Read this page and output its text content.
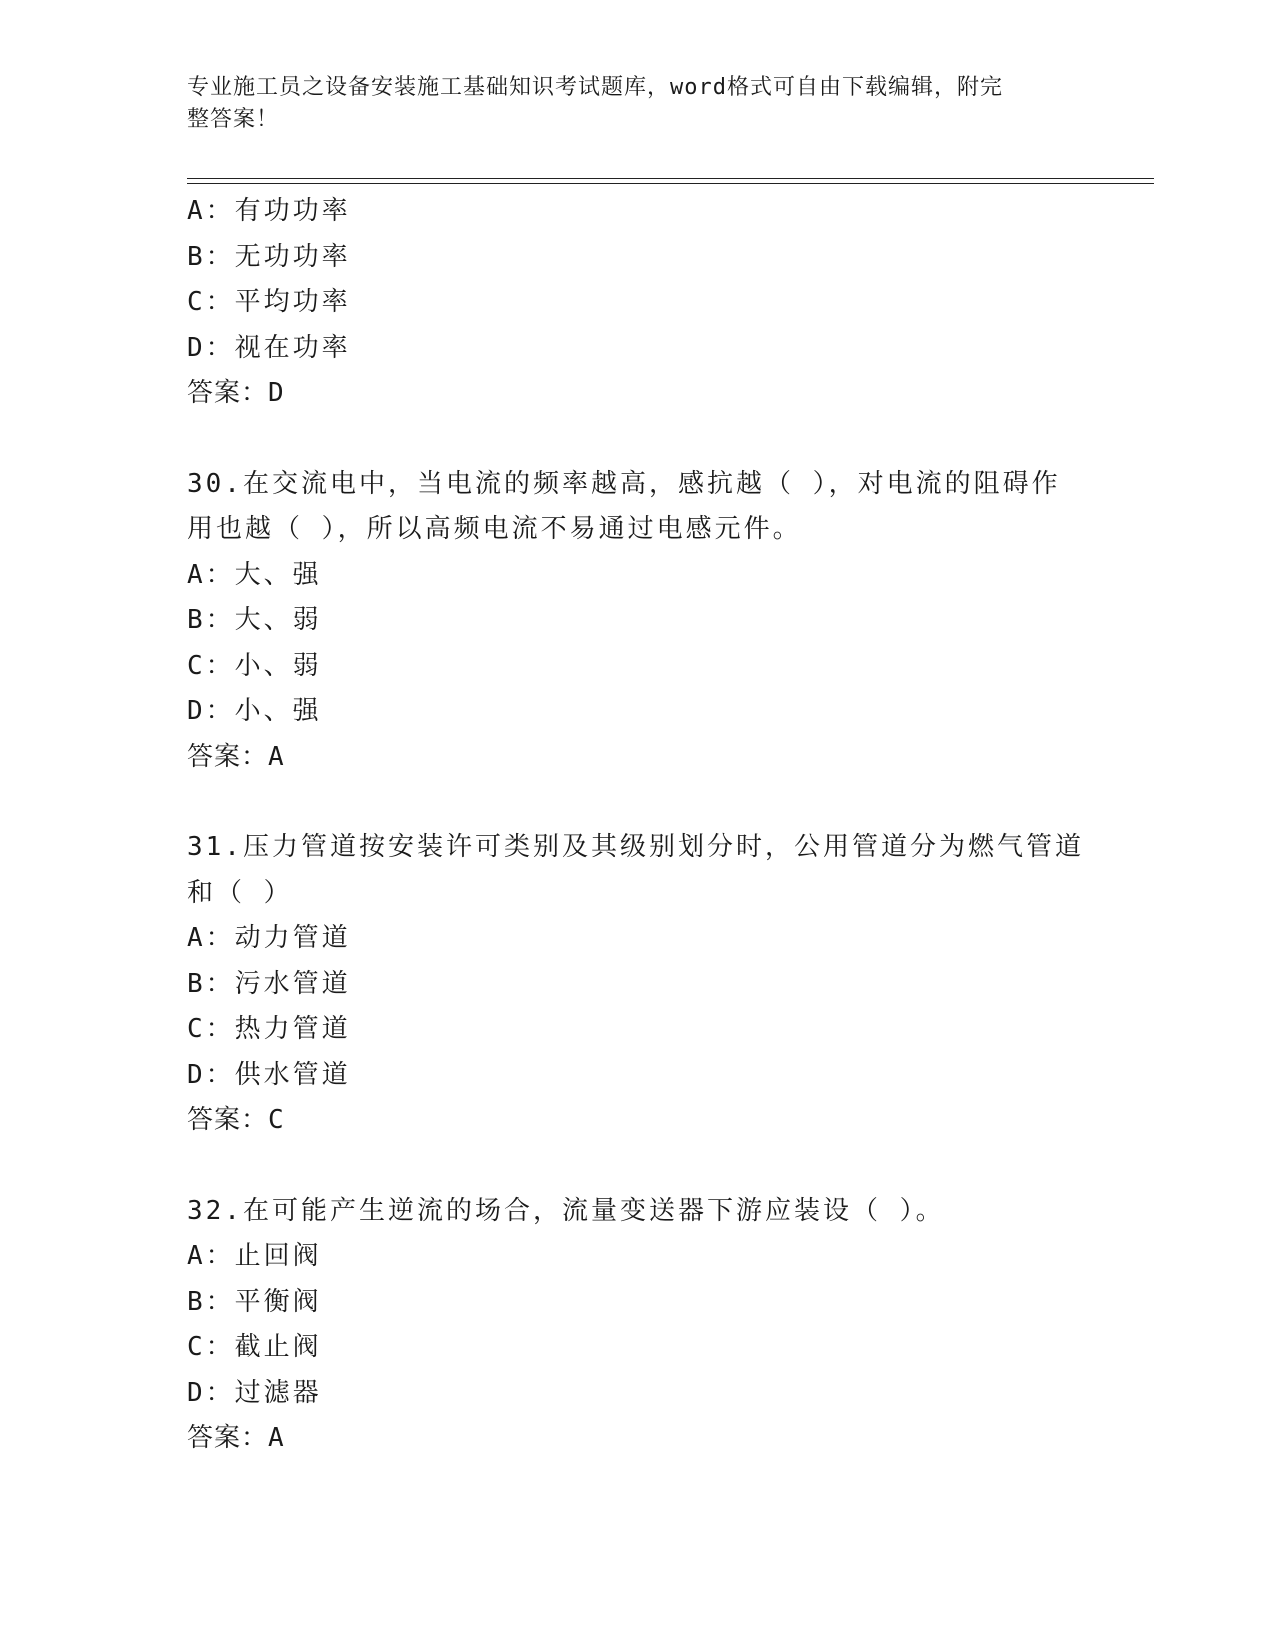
专业施工员之设备安装施工基础知识考试题库，word格式可自由下载编辑，附完
整答案！
A：有功功率
B：无功功率
C：平均功率
D：视在功率
答案：D
30.在交流电中，当电流的频率越高，感抗越（ ），对电流的阻碍作
用也越（ ），所以高频电流不易通过电感元件。
A：大、强
B：大、弱
C：小、弱
D：小、强
答案：A
31.压力管道按安装许可类别及其级别划分时，公用管道分为燃气管道
和（ ）
A：动力管道
B：污水管道
C：热力管道
D：供水管道
答案：C
32.在可能产生逆流的场合，流量变送器下游应装设（ ）。
A：止回阀
B：平衡阀
C：截止阀
D：过滤器
答案：A
